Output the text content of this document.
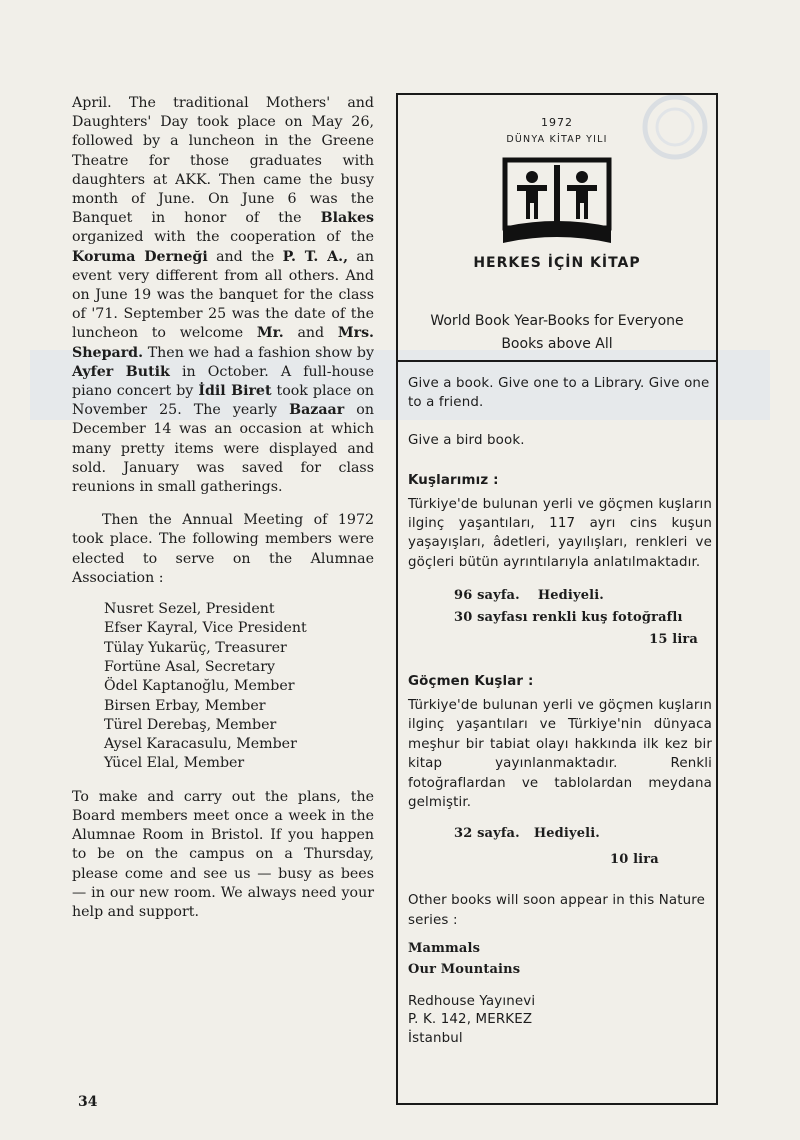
April. The traditional Mothers' and Daughters' Day took place on May 26, followed by a luncheon in the Greene Theatre for those graduates with daughters at AKK. Then came the busy month of June. On June 6 was the Banquet in honor of the Blakes organized with the cooperation of the Koruma Derneği and the P. T. A., an event very different from all others. And on June 19 was the banquet for the class of '71. September 25 was the date of the luncheon to welcome Mr. and Mrs. Shepard. Then we had a fashion show by Ayfer Butik in October. A full-house piano concert by İdil Biret took place on November 25. The yearly Bazaar on December 14 was an occasion at which many pretty items were displayed and sold. January was saved for class reunions in small gatherings.

Then the Annual Meeting of 1972 took place. The following members were elected to serve on the Alumnae Association :

Nusret Sezel, President
Efser Kayral, Vice President
Tülay Yukarüç, Treasurer
Fortüne Asal, Secretary
Ödel Kaptanoğlu, Member
Birsen Erbay, Member
Türel Derebaş, Member
Aysel Karacasulu, Member
Yücel Elal, Member

To make and carry out the plans, the Board members meet once a week in the Alumnae Room in Bristol. If you happen to be on the campus on a Thursday, please come and see us — busy as bees — in our new room. We always need your help and support.

34
1972
DÜNYA KİTAP YILI
HERKES İÇİN KİTAP
World Book Year-Books for Everyone
Books above All

Give a book. Give one to a Library. Give one to a friend.

Give a bird book.

Kuşlarımız :

Türkiye'de bulunan yerli ve göçmen kuşların ilginç yaşantıları, 117 ayrı cins kuşun yaşayışları, âdetleri, yayılışları, renkleri ve göçleri bütün ayrıntılarıyla anlatılmaktadır.

96 sayfa. Hediyeli.
30 sayfası renkli kuş fotoğraflı
15 lira

Göçmen Kuşlar :

Türkiye'de bulunan yerli ve göçmen kuşların ilginç yaşantıları ve Türkiye'nin dünyaca meşhur bir tabiat olayı hakkında ilk kez bir kitap yayınlanmaktadır. Renkli fotoğraflardan ve tablolardan meydana gelmiştir.

32 sayfa. Hediyeli.
10 lira

Other books will soon appear in this Nature series :

Mammals
Our Mountains
Redhouse Yayınevi
P. K. 142, MERKEZ
İstanbul
